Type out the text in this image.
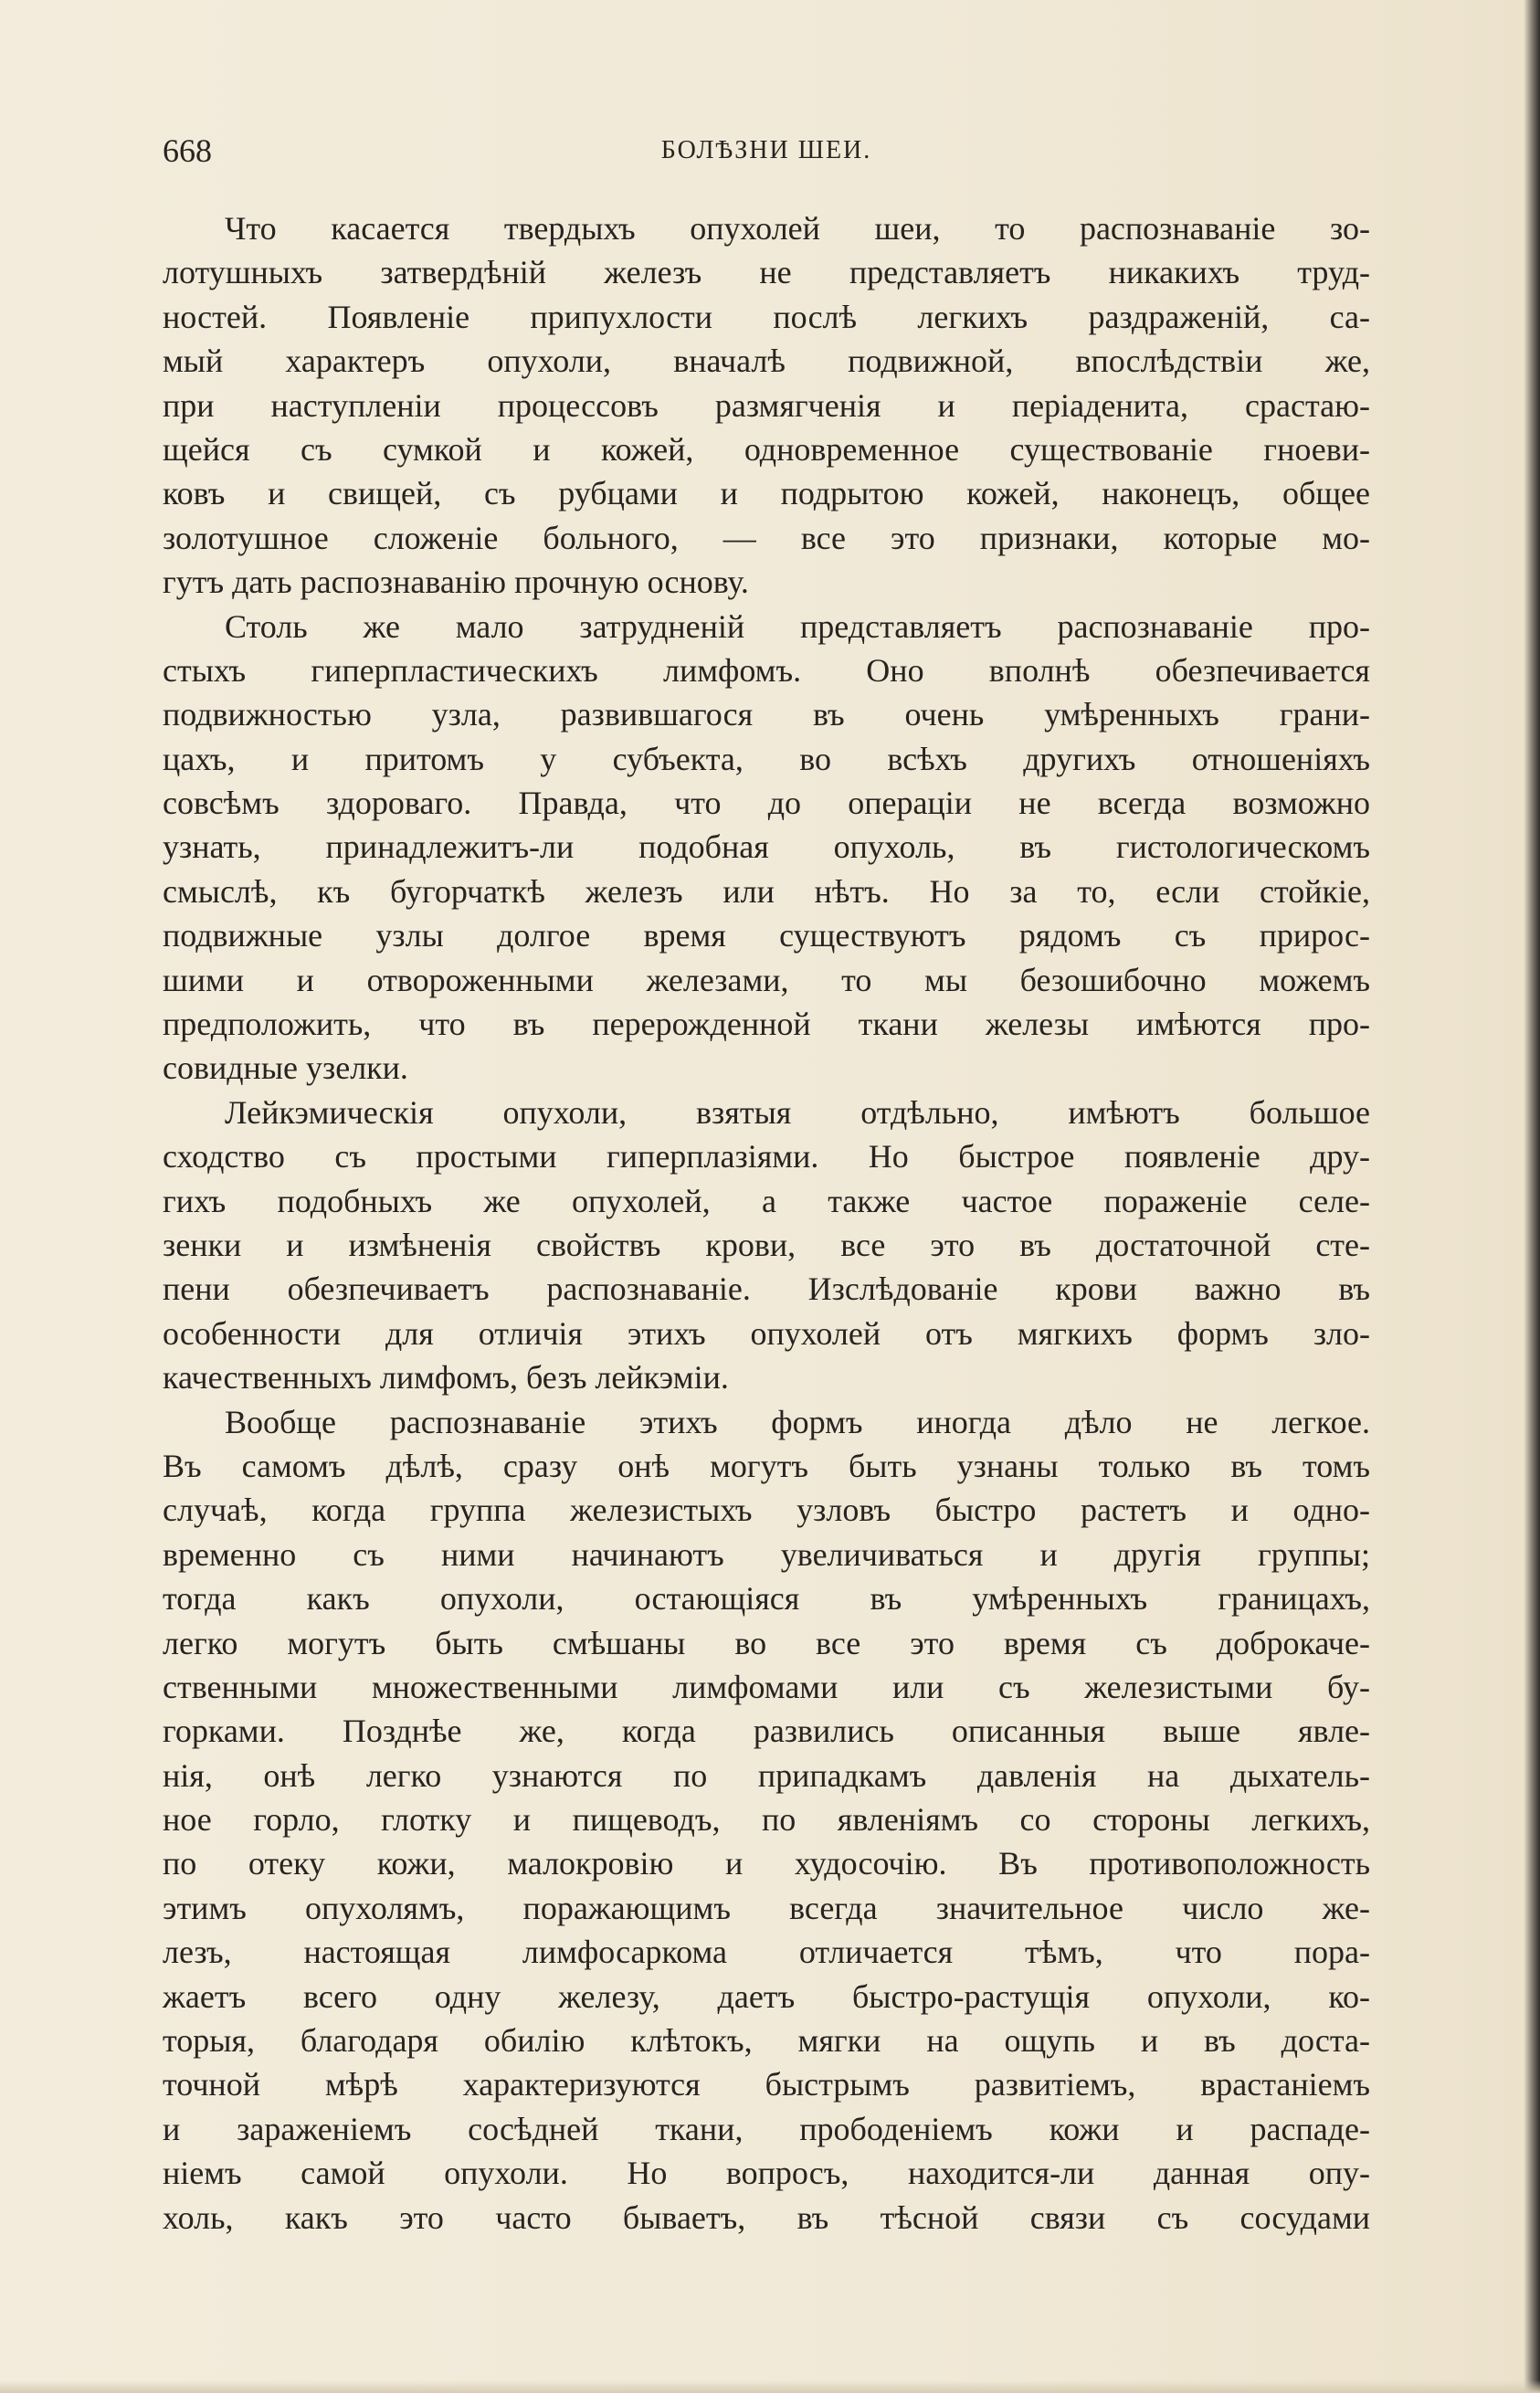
668	БОЛѢЗНИ ШЕИ.
Что касается твердыхъ опухолей шеи, то распознаванiе зо-
лотушныхъ затвердѣнiй железъ не представляетъ никакихъ труд-
ностей. Появленiе припухлости послѣ легкихъ раздраженiй, са-
мый характеръ опухоли, вначалѣ подвижной, впослѣдствiи же,
при наступленiи процессовъ размягченiя и перiаденита, срастаю-
щейся съ сумкой и кожей, одновременное существованiе гноеви-
ковъ и свищей, съ рубцами и подрытою кожей, наконецъ, общее
золотушное сложенiе больного, — все это признаки, которые мо-
гутъ дать распознаванiю прочную основу.
Столь же мало затрудненiй представляетъ распознаванiе про-
стыхъ гиперпластическихъ лимфомъ. Оно вполнѣ обезпечивается
подвижностью узла, развившагося въ очень умѣренныхъ грани-
цахъ, и притомъ у субъекта, во всѣхъ другихъ отношенiяхъ
совсѣмъ здороваго. Правда, что до операцiи не всегда возможно
узнать, принадлежитъ-ли подобная опухоль, въ гистологическомъ
смыслѣ, къ бугорчаткѣ железъ или нѣтъ. Но за то, если стойкiе,
подвижные узлы долгое время существуютъ рядомъ съ прирос-
шими и отвороженными железами, то мы безошибочно можемъ
предположить, что въ перерожденной ткани железы имѣются про-
совидные узелки.
Лейкэмическiя опухоли, взятыя отдѣльно, имѣютъ большое
сходство съ простыми гиперплазiями. Но быстрое появленiе дру-
гихъ подобныхъ же опухолей, а также частое пораженiе селе-
зенки и измѣненiя свойствъ крови, все это въ достаточной сте-
пени обезпечиваетъ распознаванiе. Изслѣдованiе крови важно въ
особенности для отличiя этихъ опухолей отъ мягкихъ формъ зло-
качественныхъ лимфомъ, безъ лейкэмiи.
Вообще распознаванiе этихъ формъ иногда дѣло не легкое.
Въ самомъ дѣлѣ, сразу онѣ могутъ быть узнаны только въ томъ
случаѣ, когда группа железистыхъ узловъ быстро растетъ и одно-
временно съ ними начинаютъ увеличиваться и другiя группы;
тогда какъ опухоли, остающiяся въ умѣренныхъ границахъ,
легко могутъ быть смѣшаны во все это время съ доброкаче-
ственными множественными лимфомами или съ железистыми бу-
горками. Позднѣе же, когда развились описанныя выше явле-
нiя, онѣ легко узнаются по припадкамъ давленiя на дыхатель-
ное горло, глотку и пищеводъ, по явленiямъ со стороны легкихъ,
по отеку кожи, малокровiю и худосочiю. Въ противоположность
этимъ опухолямъ, поражающимъ всегда значительное число же-
лезъ, настоящая лимфосаркома отличается тѣмъ, что пора-
жаетъ всего одну железу, даетъ быстро-растущiя опухоли, ко-
торыя, благодаря обилiю клѣтокъ, мягки на ощупь и въ доста-
точной мѣрѣ характеризуются быстрымъ развитiемъ, врастанiемъ
и зараженiемъ сосѣдней ткани, прободенiемъ кожи и распаде-
нiемъ самой опухоли. Но вопросъ, находится-ли данная опу-
холь, какъ это часто бываетъ, въ тѣсной связи съ сосудами
